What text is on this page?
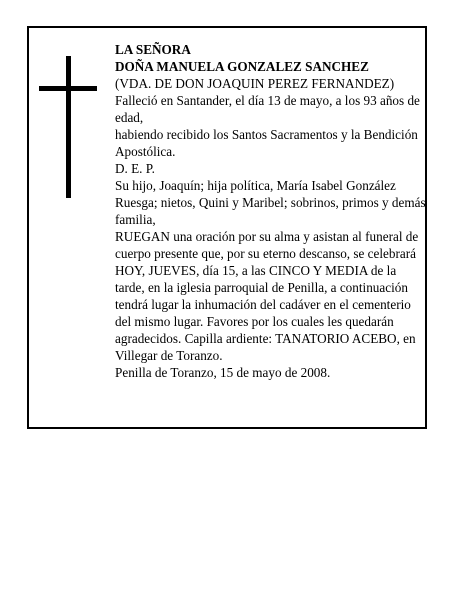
LA SEÑORA

DOÑA MANUELA GONZALEZ SANCHEZ

(VDA. DE DON JOAQUIN PEREZ FERNANDEZ)

Falleció en Santander, el día 13 de mayo, a los 93 años de edad,

habiendo recibido los Santos Sacramentos y la Bendición Apostólica.

D. E. P.

Su hijo, Joaquín; hija política, María Isabel González Ruesga; nietos, Quini y Maribel; sobrinos, primos y demás familia,

RUEGAN una oración por su alma y asistan al funeral de cuerpo presente que, por su eterno descanso, se celebrará HOY, JUEVES, día 15, a las CINCO Y MEDIA de la tarde, en la iglesia parroquial de Penilla, a continuación tendrá lugar la inhumación del cadáver en el cementerio del mismo lugar. Favores por los cuales les quedarán agradecidos. Capilla ardiente: TANATORIO ACEBO, en Villegar de Toranzo.

Penilla de Toranzo, 15 de mayo de 2008.
